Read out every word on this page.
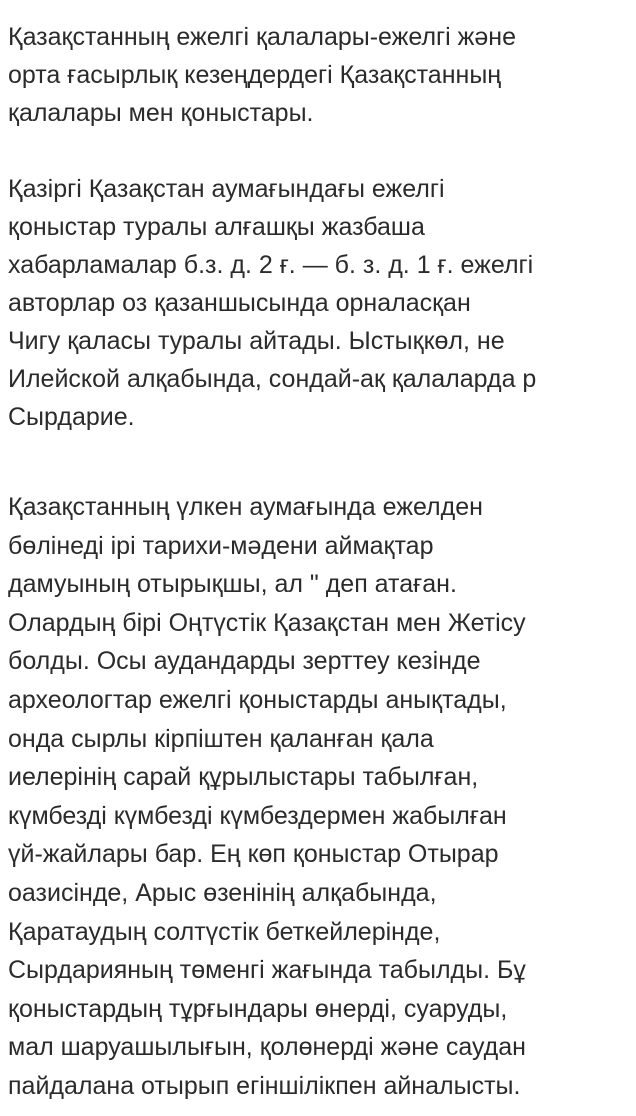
Қазақстанның ежелгі қалалары-ежелгі және
орта ғасырлық кезеңдердегі Қазақстанның
қалалары мен қоныстары.
Қазіргі Қазақстан аумағындағы ежелгі
қоныстар туралы алғашқы жазбаша
хабарламалар б.з. д. 2 ғ. — б. з. д. 1 ғ. ежелгі
авторлар оз қазаншысында орналасқан
Чигу қаласы туралы айтады. Ыстықкөл, не
Илейской алқабында, сондай-ақ қалаларда р
Сырдарие.
Қазақстанның үлкен аумағында ежелден
бөлінеді ірі тарихи-мәдени аймақтар
дамуының отырықшы, ал " деп атаған.
Олардың бірі Оңтүстік Қазақстан мен Жетісу
болды. Осы аудандарды зерттеу кезінде
археологтар ежелгі қоныстарды анықтады,
онда сырлы кірпіштен қаланған қала
иелерінің сарай құрылыстары табылған,
күмбезді күмбезді күмбездермен жабылған
үй-жайлары бар. Ең көп қоныстар Отырар
оазисінде, Арыс өзенінің алқабында,
Қаратаудың солтүстік беткейлерінде,
Сырдарияның төменгі жағында табылды. Бұ
қоныстардың тұрғындары өнерді, суаруды,
мал шаруашылығын, қолөнерді және саудан
пайдалана отырып егіншілікпен айналысты.
